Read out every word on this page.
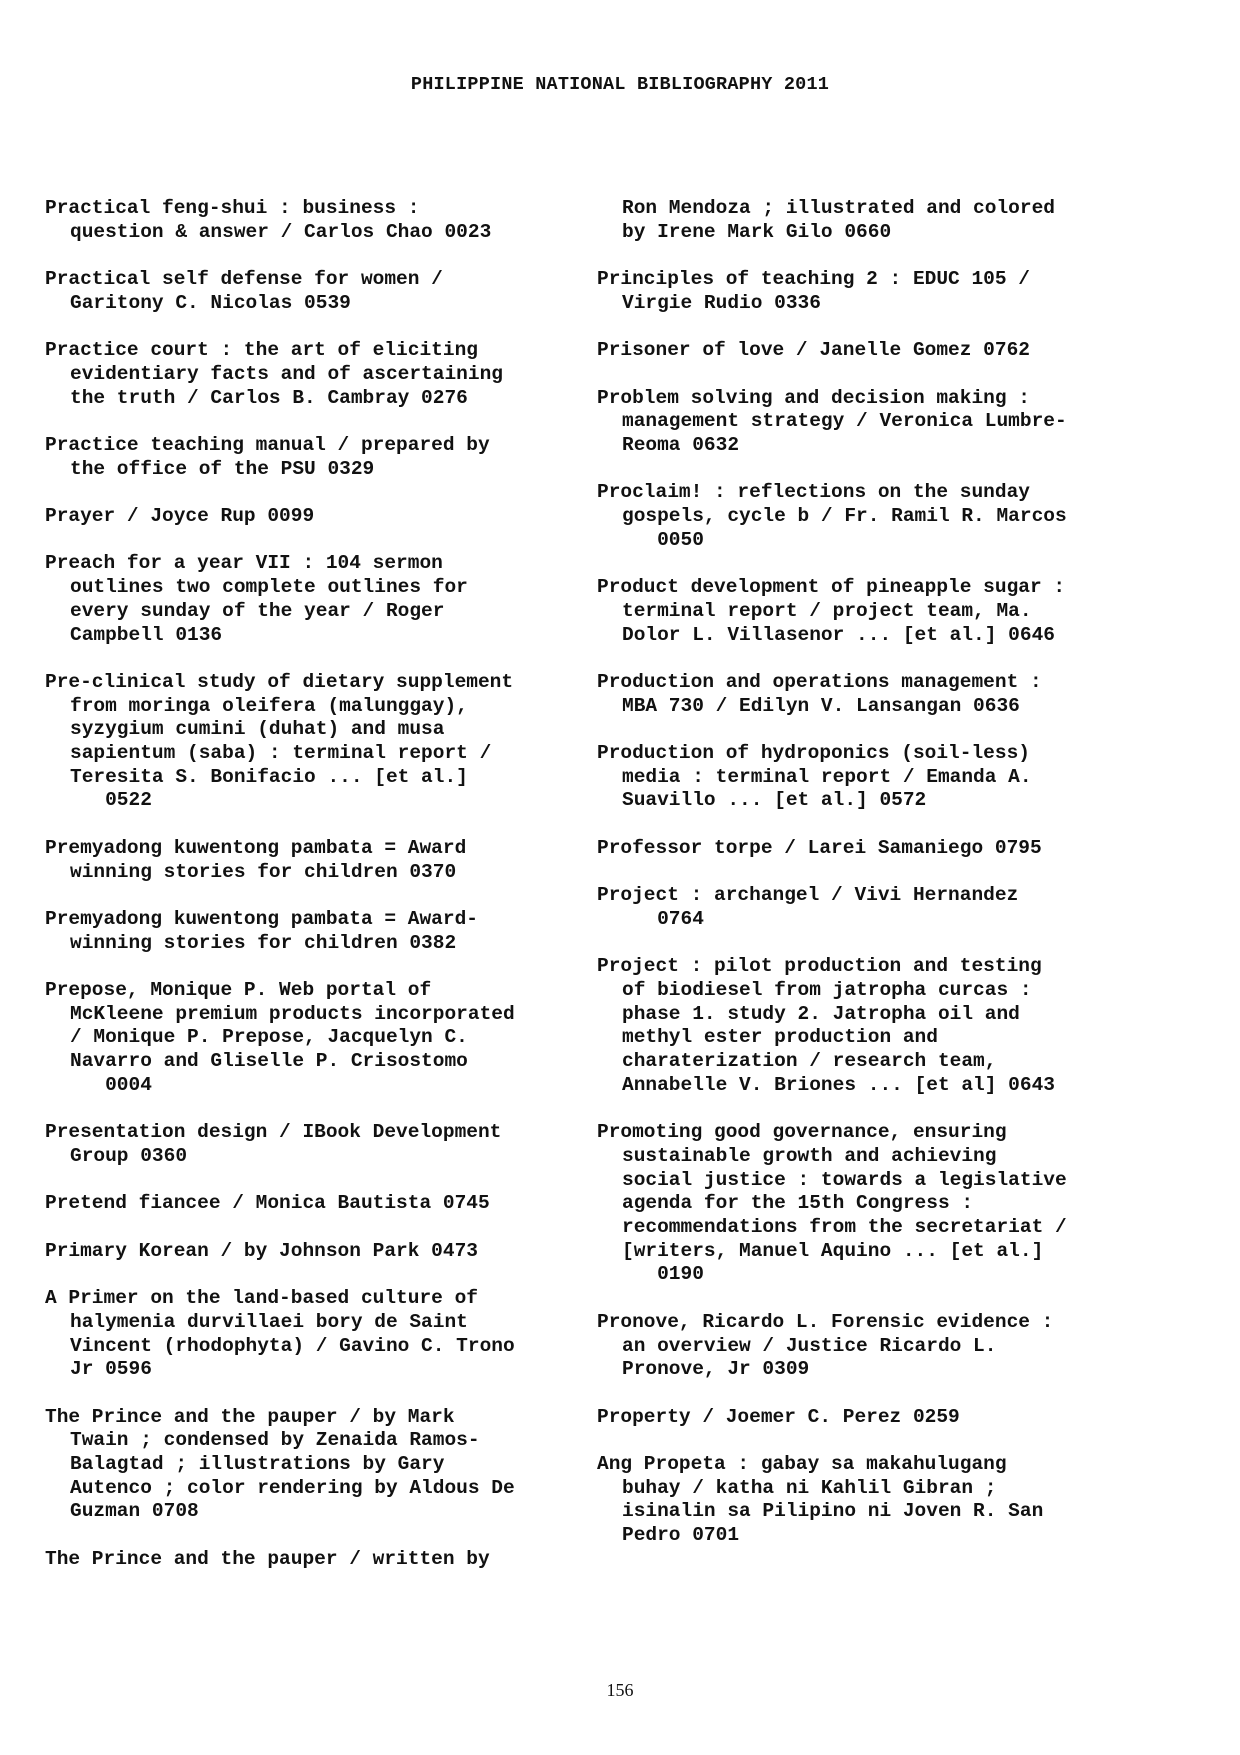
PHILIPPINE NATIONAL BIBLIOGRAPHY 2011
Practical feng-shui : business :
question & answer / Carlos Chao 0023
Practical self defense for women /
Garitony C. Nicolas 0539
Practice court : the art of eliciting
evidentiary facts and of ascertaining
the truth / Carlos B. Cambray 0276
Practice teaching manual / prepared by
the office of the PSU 0329
Prayer / Joyce Rup 0099
Preach for a year VII : 104 sermon
outlines two complete outlines for
every sunday of the year / Roger
Campbell 0136
Pre-clinical study of dietary supplement
from moringa oleifera (malunggay),
syzygium cumini (duhat) and musa
sapientum (saba) : terminal report /
Teresita S. Bonifacio ... [et al.]
0522
Premyadong kuwentong pambata = Award
winning stories for children 0370
Premyadong kuwentong pambata = Award-
winning stories for children 0382
Prepose, Monique P. Web portal of
McKleene premium products incorporated
/ Monique P. Prepose, Jacquelyn C.
Navarro and Gliselle P. Crisostomo
0004
Presentation design / IBook Development
Group 0360
Pretend fiancee / Monica Bautista 0745
Primary Korean / by Johnson Park 0473
A Primer on the land-based culture of
halymenia durvillaei bory de Saint
Vincent (rhodophyta) / Gavino C. Trono
Jr 0596
The Prince and the pauper / by Mark
Twain ; condensed by Zenaida Ramos-
Balagtad ; illustrations by Gary
Autenco ; color rendering by Aldous De
Guzman 0708
The Prince and the pauper / written by
Ron Mendoza ; illustrated and colored
by Irene Mark Gilo 0660
Principles of teaching 2 : EDUC 105 /
Virgie Rudio 0336
Prisoner of love / Janelle Gomez 0762
Problem solving and decision making :
management strategy / Veronica Lumbre-
Reoma 0632
Proclaim! : reflections on the sunday
gospels, cycle b / Fr. Ramil R. Marcos
0050
Product development of pineapple sugar :
terminal report / project team, Ma.
Dolor L. Villasenor ... [et al.] 0646
Production and operations management :
MBA 730 / Edilyn V. Lansangan 0636
Production of hydroponics (soil-less)
media : terminal report / Emanda A.
Suavillo ... [et al.] 0572
Professor torpe / Larei Samaniego 0795
Project : archangel / Vivi Hernandez
0764
Project : pilot production and testing
of biodiesel from jatropha curcas :
phase 1. study 2. Jatropha oil and
methyl ester production and
charaterization / research team,
Annabelle V. Briones ... [et al] 0643
Promoting good governance, ensuring
sustainable growth and achieving
social justice : towards a legislative
agenda for the 15th Congress :
recommendations from the secretariat /
[writers, Manuel Aquino ... [et al.]
0190
Pronove, Ricardo L. Forensic evidence :
an overview / Justice Ricardo L.
Pronove, Jr 0309
Property / Joemer C. Perez 0259
Ang Propeta : gabay sa makahulugang
buhay / katha ni Kahlil Gibran ;
isinalin sa Pilipino ni Joven R. San
Pedro 0701
156
